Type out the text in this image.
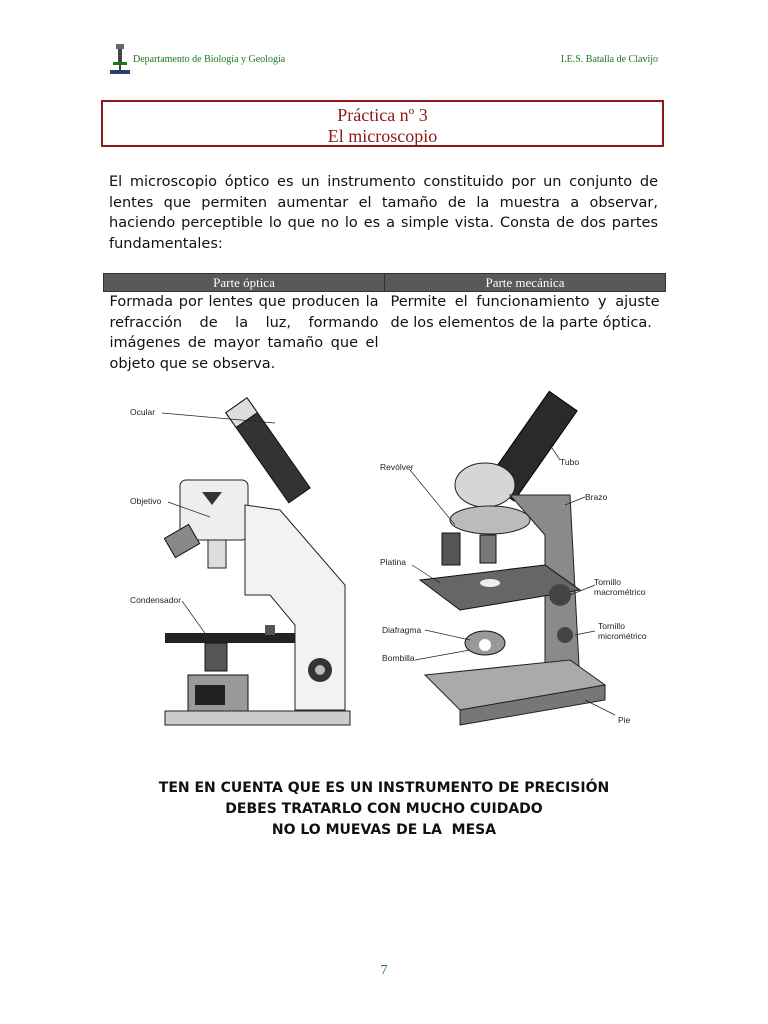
Departamento de Biología y Geología	I.E.S. Batalla de Clavijo
Práctica nº 3
El microscopio
El microscopio óptico es un instrumento constituido por un conjunto de lentes que permiten aumentar el tamaño de la muestra a observar, haciendo perceptible lo que no lo es a simple vista. Consta de dos partes fundamentales:
Parte óptica	Parte mecánica
Formada por lentes que producen la refracción de la luz, formando imágenes de mayor tamaño que el objeto que se observa.	Permite el funcionamiento y ajuste de los elementos de la parte óptica.
Ocular
Objetivo
Condensador
Tubo
Revólver
Brazo
Platina
Tornillo
macrométrico
Diafragma	Tornillo
micrométrico
Bombilla
Pie
TEN EN CUENTA QUE ES UN INSTRUMENTO DE PRECISIÓN
DEBES TRATARLO CON MUCHO CUIDADO
NO LO MUEVAS DE LA  MESA
7
